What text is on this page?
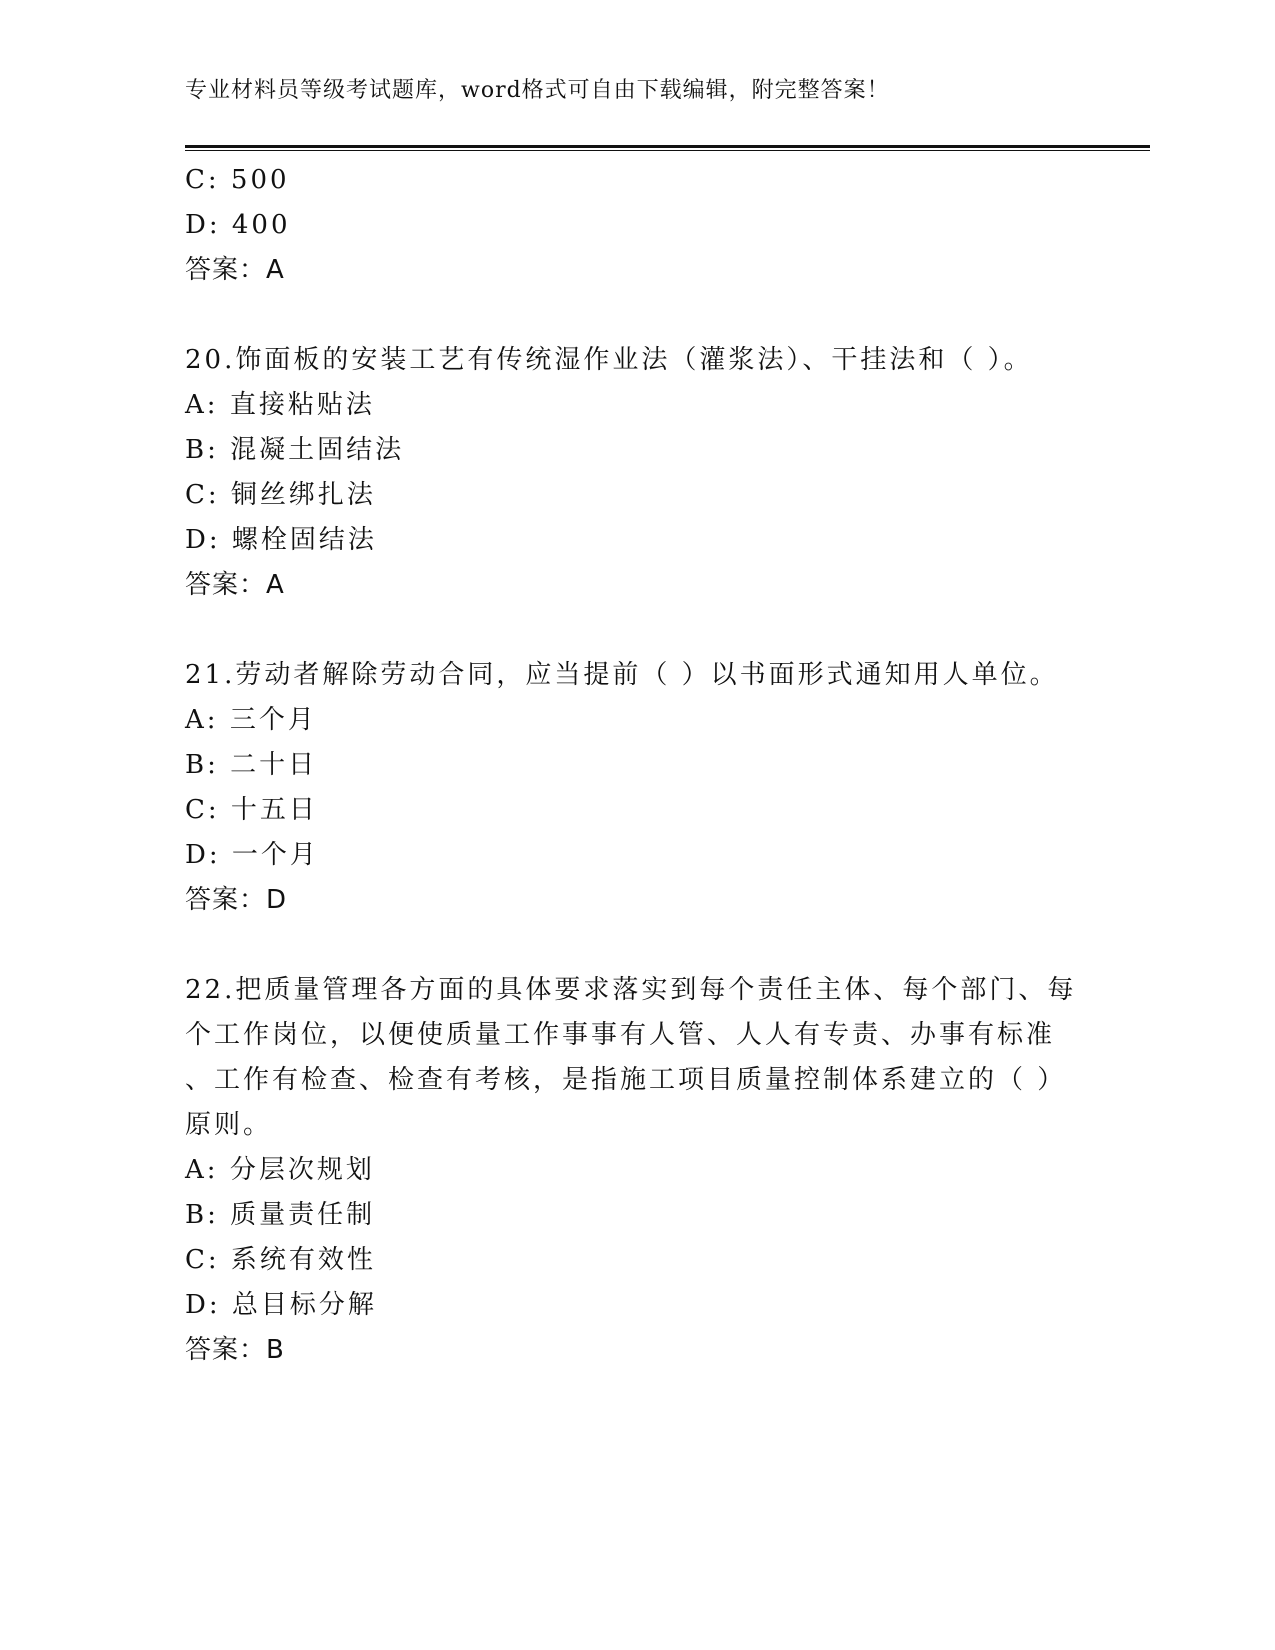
专业材料员等级考试题库，word格式可自由下载编辑，附完整答案！
C: 500
D: 400
答案：A
20.饰面板的安装工艺有传统湿作业法（灌浆法）、干挂法和（ ）。
A: 直接粘贴法
B: 混凝土固结法
C: 铜丝绑扎法
D: 螺栓固结法
答案：A
21.劳动者解除劳动合同，应当提前（ ）以书面形式通知用人单位。
A: 三个月
B: 二十日
C: 十五日
D: 一个月
答案：D
22.把质量管理各方面的具体要求落实到每个责任主体、每个部门、每
个工作岗位，以便使质量工作事事有人管、人人有专责、办事有标准
、工作有检查、检查有考核，是指施工项目质量控制体系建立的（ ）
原则。
A: 分层次规划
B: 质量责任制
C: 系统有效性
D: 总目标分解
答案：B
